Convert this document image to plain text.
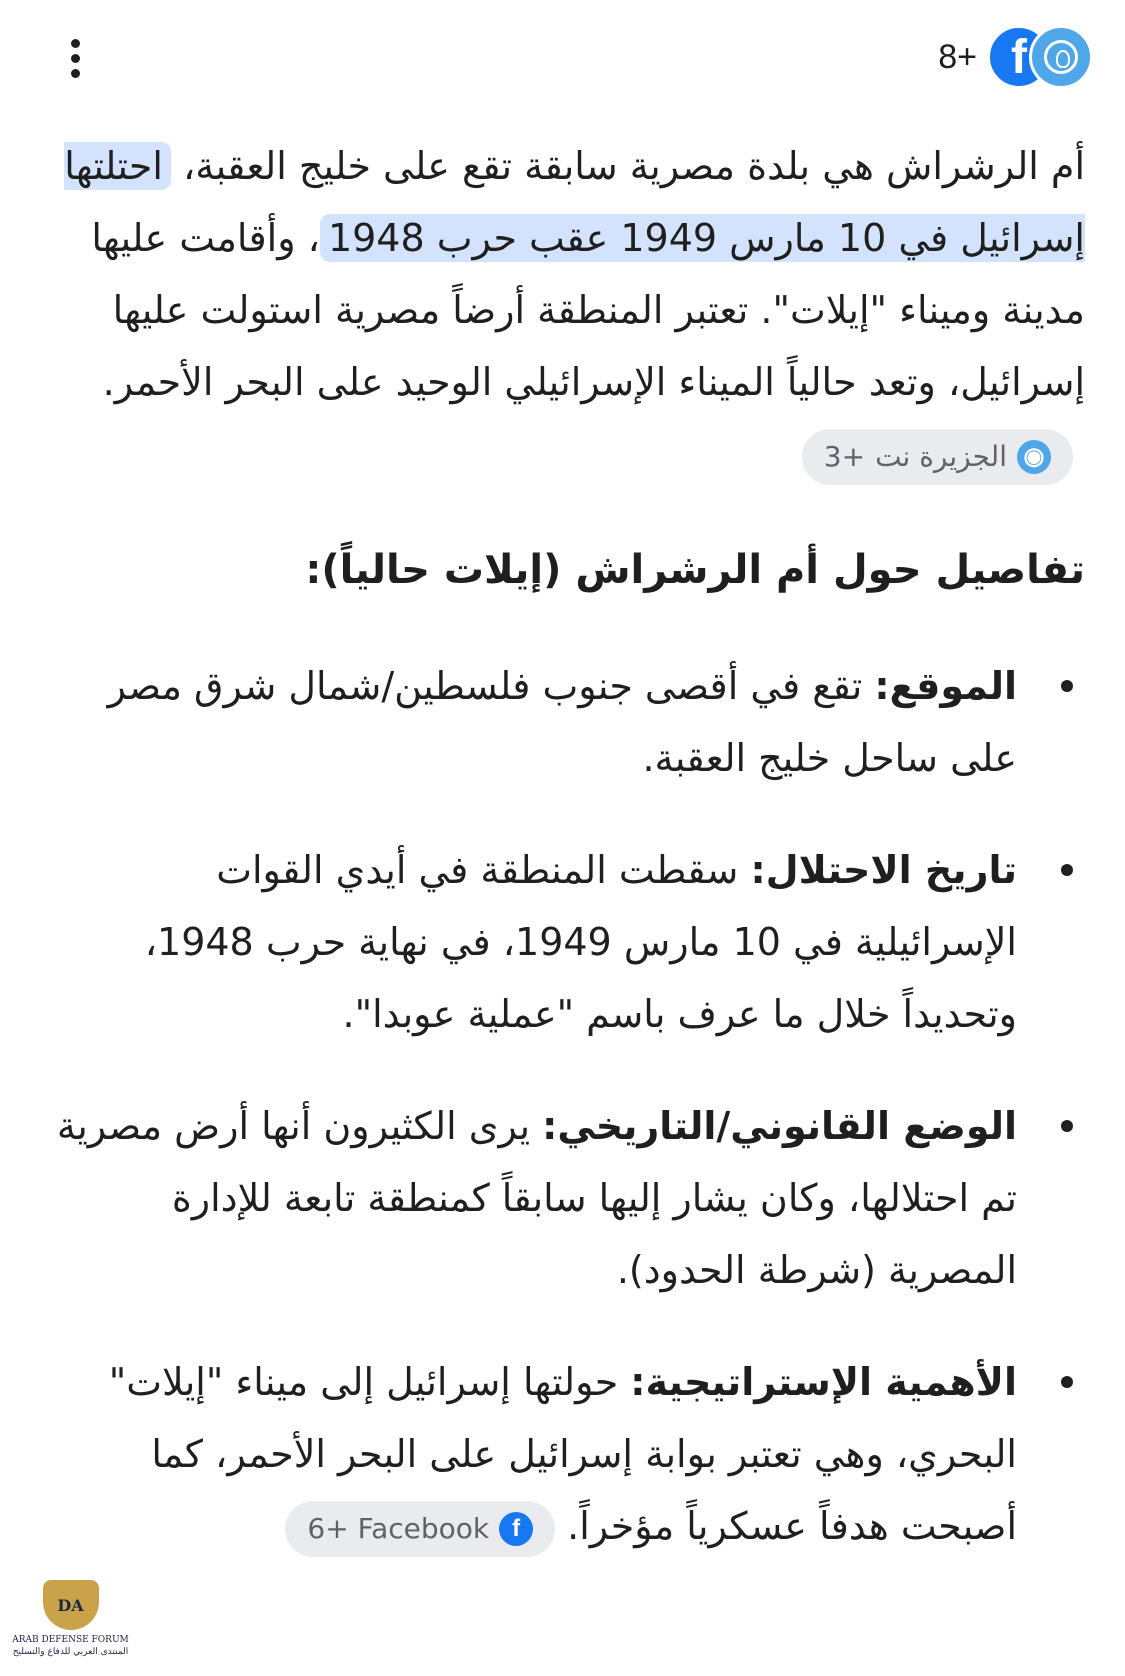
8+ f

أم الرشراش هي بلدة مصرية سابقة تقع على خليج العقبة، احتلتها إسرائيل في 10 مارس 1949 عقب حرب 1948، وأقامت عليها مدينة وميناء "إيلات". تعتبر المنطقة أرضاً مصرية استولت عليها إسرائيل، وتعد حالياً الميناء الإسرائيلي الوحيد على البحر الأحمر.
◉
الجزيرة نت
3+

تفاصيل حول أم الرشراش (إيلات حالياً):
الموقع: تقع في أقصى جنوب فلسطين/شمال شرق مصر على ساحل خليج العقبة.
تاريخ الاحتلال: سقطت المنطقة في أيدي القوات الإسرائيلية في 10 مارس 1949، في نهاية حرب 1948، وتحديداً خلال ما عرف باسم "عملية عوبدا".
الوضع القانوني/التاريخي: يرى الكثيرون أنها أرض مصرية تم احتلالها، وكان يشار إليها سابقاً كمنطقة تابعة للإدارة المصرية (شرطة الحدود).
الأهمية الإستراتيجية: حولتها إسرائيل إلى ميناء "إيلات" البحري، وهي تعتبر بوابة إسرائيل على البحر الأحمر، كما أصبحت هدفاً عسكرياً مؤخراً.
f
6+ Facebook
DA
ARAB DEFENSE FORUM
المنتدى العربي للدفاع والتسليح
